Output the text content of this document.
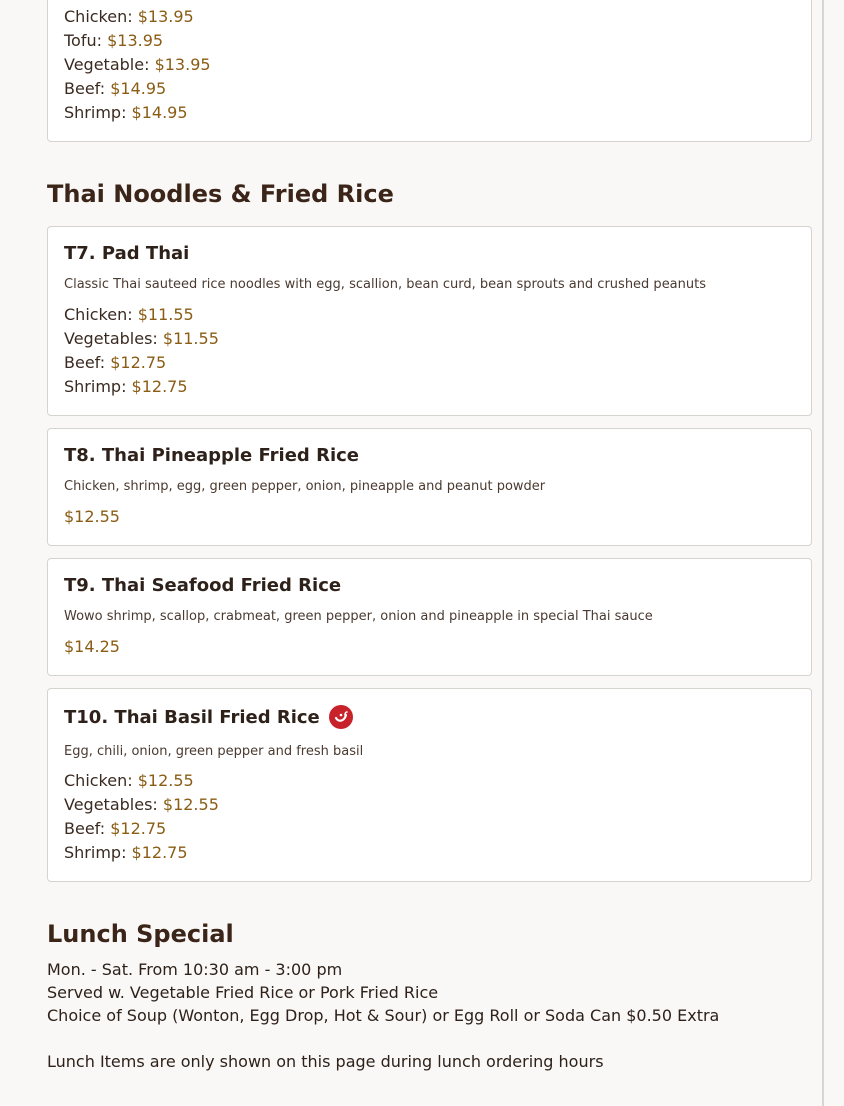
Chicken: $13.95
Tofu: $13.95
Vegetable: $13.95
Beef: $14.95
Shrimp: $14.95
Thai Noodles & Fried Rice
T7. Pad Thai

Classic Thai sauteed rice noodles with egg, scallion, bean curd, bean sprouts and crushed peanuts

Chicken: $11.55
Vegetables: $11.55
Beef: $12.75
Shrimp: $12.75
T8. Thai Pineapple Fried Rice

Chicken, shrimp, egg, green pepper, onion, pineapple and peanut powder

$12.55
T9. Thai Seafood Fried Rice

Wowo shrimp, scallop, crabmeat, green pepper, onion and pineapple in special Thai sauce

$14.25
T10. Thai Basil Fried Rice

Egg, chili, onion, green pepper and fresh basil

Chicken: $12.55
Vegetables: $12.55
Beef: $12.75
Shrimp: $12.75
Lunch Special
Mon. - Sat. From 10:30 am - 3:00 pm
Served w. Vegetable Fried Rice or Pork Fried Rice
Choice of Soup (Wonton, Egg Drop, Hot & Sour) or Egg Roll or Soda Can $0.50 Extra
Lunch Items are only shown on this page during lunch ordering hours
